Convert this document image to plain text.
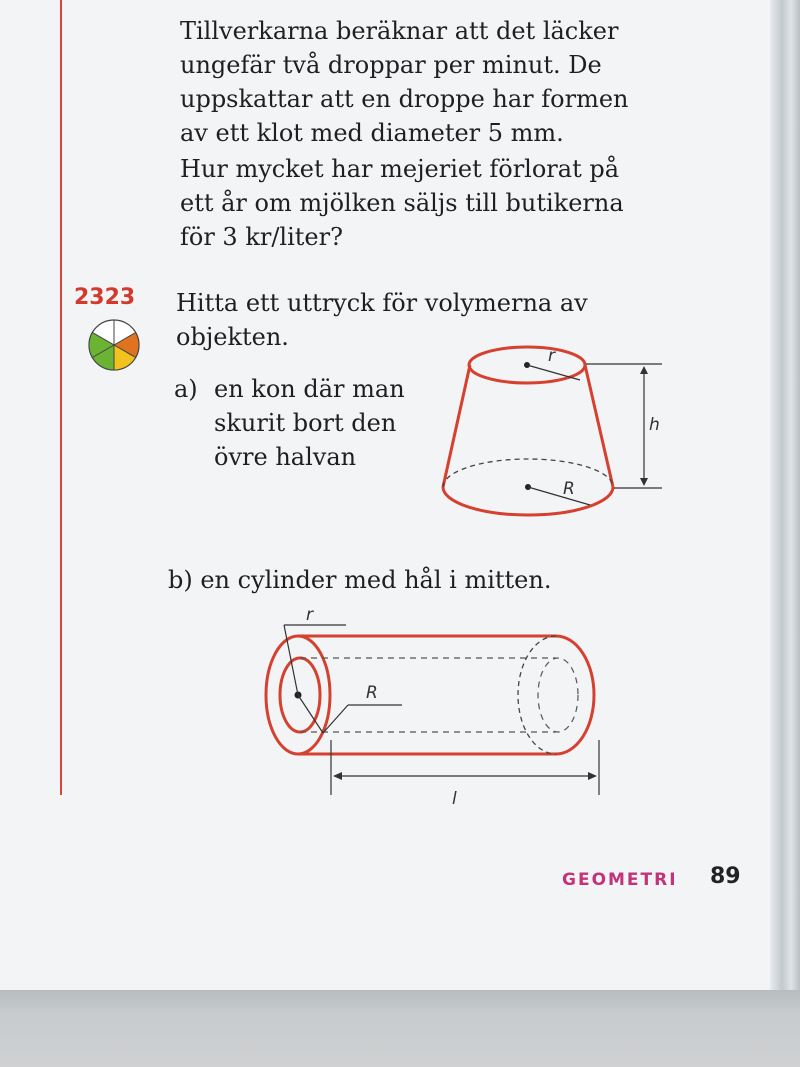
Tillverkarna beräknar att det läcker ungefär två droppar per minut. De uppskattar att en droppe har formen av ett klot med diameter 5 mm.

Hur mycket har mejeriet förlorat på ett år om mjölken säljs till butikerna för 3 kr/liter?

2323 Hitta ett uttryck för volymerna av objekten.
a) en kon där man skurit bort den övre halvan
b) en cylinder med hål i mitten.
r
h
R
r
R
l
GEOMETRI 89
